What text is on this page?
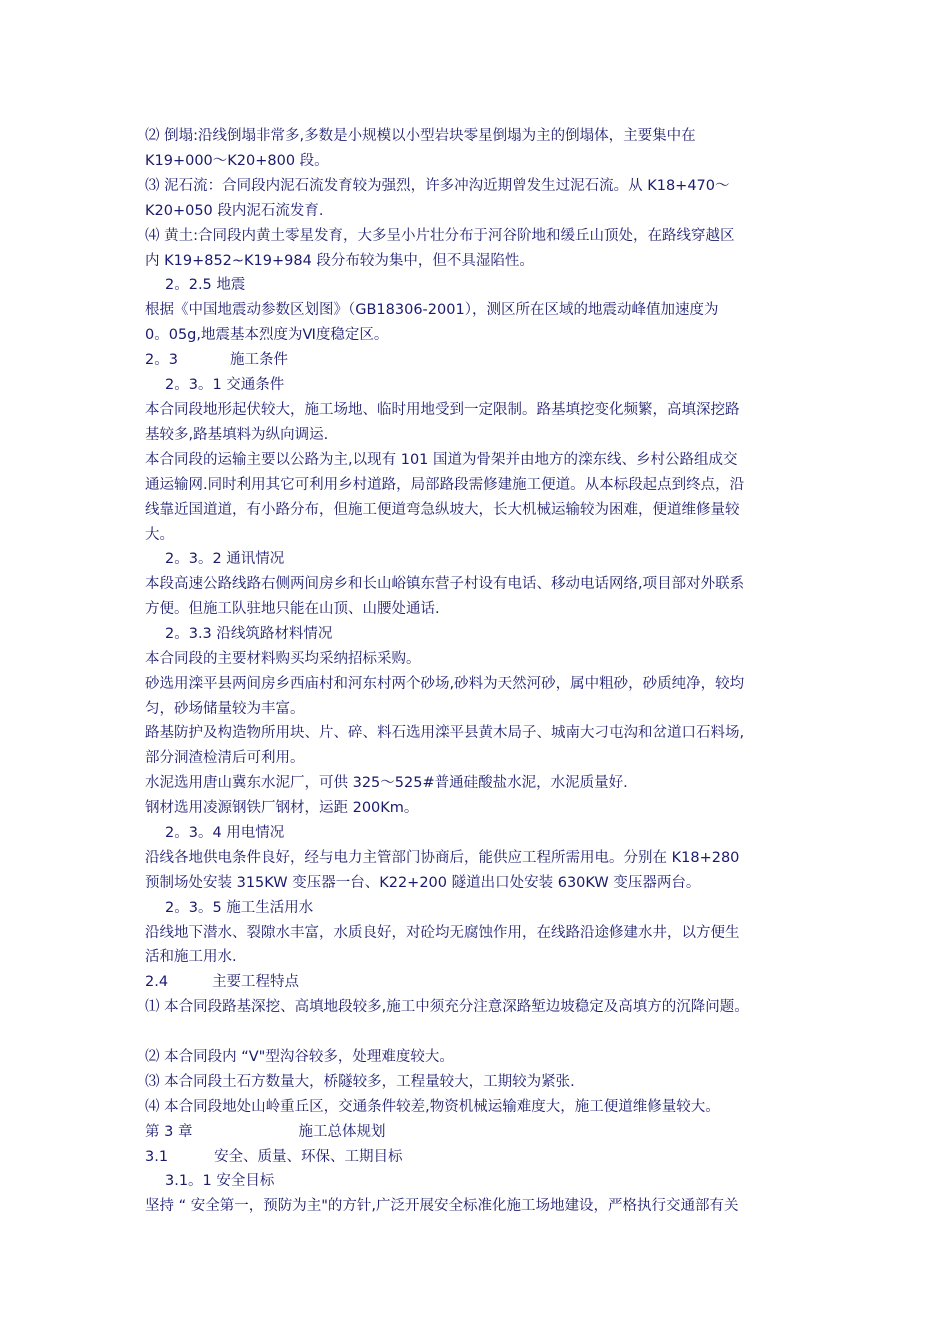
⑵ 倒塌:沿线倒塌非常多,多数是小规模以小型岩块零星倒塌为主的倒塌体，主要集中在
K19+000～K20+800 段。
⑶ 泥石流：合同段内泥石流发育较为强烈，许多冲沟近期曾发生过泥石流。从 K18+470～
K20+050 段内泥石流发育.
⑷ 黄土:合同段内黄土零星发育，大多呈小片壮分布于河谷阶地和缓丘山顶处，在路线穿越区
内 K19+852~K19+984 段分布较为集中，但不具湿陷性。
2。2.5 地震
根据《中国地震动参数区划图》（GB18306-2001），测区所在区域的地震动峰值加速度为
0。05g,地震基本烈度为Ⅵ度稳定区。
2。3	施工条件
2。3。1 交通条件
本合同段地形起伏较大，施工场地、临时用地受到一定限制。路基填挖变化频繁，高填深挖路
基较多,路基填料为纵向调运.
本合同段的运输主要以公路为主,以现有 101 国道为骨架并由地方的滦东线、乡村公路组成交
通运输网.同时利用其它可利用乡村道路，局部路段需修建施工便道。从本标段起点到终点，沿
线靠近国道道，有小路分布，但施工便道弯急纵坡大，长大机械运输较为困难，便道维修量较
大。
2。3。2 通讯情况
本段高速公路线路右侧两间房乡和长山峪镇东营子村设有电话、移动电话网络,项目部对外联系
方便。但施工队驻地只能在山顶、山腰处通话.
2。3.3 沿线筑路材料情况
本合同段的主要材料购买均采纳招标采购。
砂选用滦平县两间房乡西庙村和河东村两个砂场,砂料为天然河砂，属中粗砂，砂质纯净，较均
匀，砂场储量较为丰富。
路基防护及构造物所用块、片、碎、料石选用滦平县黄木局子、城南大刁屯沟和岔道口石料场,
部分洞渣检清后可利用。
水泥选用唐山冀东水泥厂，可供 325～525#普通硅酸盐水泥，水泥质量好.
钢材选用凌源钢铁厂钢材，运距 200Km。
2。3。4 用电情况
沿线各地供电条件良好，经与电力主管部门协商后，能供应工程所需用电。分别在 K18+280
预制场处安装 315KW 变压器一台、K22+200 隧道出口处安装 630KW 变压器两台。
2。3。5 施工生活用水
沿线地下潜水、裂隙水丰富，水质良好，对砼均无腐蚀作用，在线路沿途修建水井，以方便生
活和施工用水.
2.4	主要工程特点
⑴ 本合同段路基深挖、高填地段较多,施工中须充分注意深路堑边坡稳定及高填方的沉降问题。
⑵ 本合同段内 “V"型沟谷较多，处理难度较大。
⑶ 本合同段土石方数量大，桥隧较多，工程量较大，工期较为紧张.
⑷ 本合同段地处山岭重丘区，交通条件较差,物资机械运输难度大，施工便道维修量较大。
第 3 章	施工总体规划
3.1	安全、质量、环保、工期目标
3.1。1 安全目标
坚持 “ 安全第一，预防为主"的方针,广泛开展安全标准化施工场地建设，严格执行交通部有关
